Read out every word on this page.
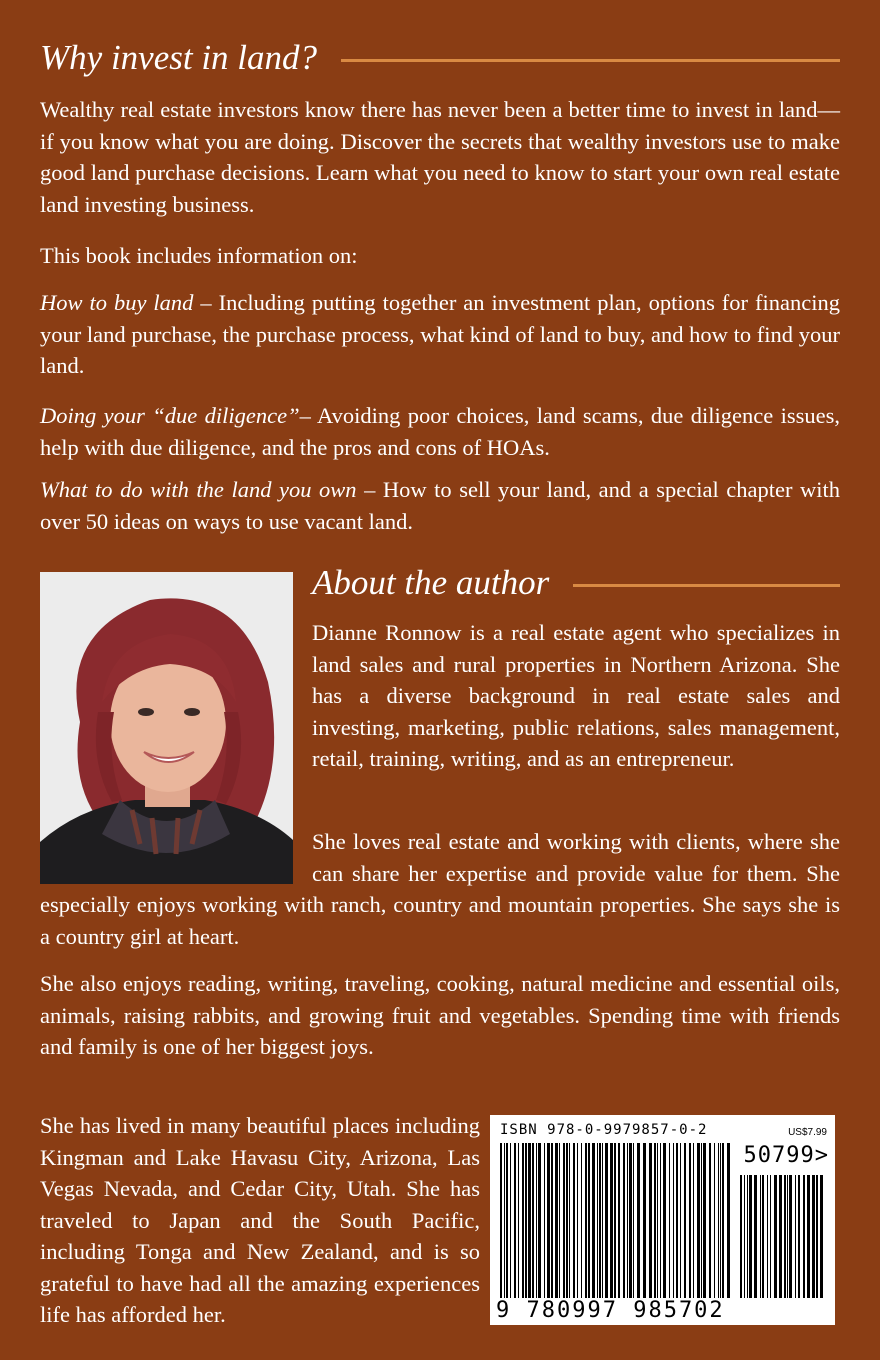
Why invest in land?

Wealthy real estate investors know there has never been a better time to invest in land—if you know what you are doing. Discover the secrets that wealthy investors use to make good land purchase decisions. Learn what you need to know to start your own real estate land investing business.

This book includes information on:

How to buy land – Including putting together an investment plan, options for financing your land purchase, the purchase process, what kind of land to buy, and how to find your land.

Doing your “due diligence”– Avoiding poor choices, land scams, due diligence issues, help with due diligence, and the pros and cons of HOAs.

What to do with the land you own – How to sell your land, and a special chapter with over 50 ideas on ways to use vacant land.

About the author

Dianne Ronnow is a real estate agent who specializes in land sales and rural properties in Northern Arizona. She has a diverse background in real estate sales and investing, marketing, public relations, sales management, retail, training, writing, and as an entrepreneur.

She loves real estate and working with clients, where she can share her expertise and provide value for them. She especially enjoys working with ranch, country and mountain properties. She says she is a country girl at heart.

She also enjoys reading, writing, traveling, cooking, natural medicine and essential oils, animals, raising rabbits, and growing fruit and vegetables. Spending time with friends and family is one of her biggest joys.

She has lived in many beautiful places including Kingman and Lake Havasu City, Arizona, Las Vegas Nevada, and Cedar City, Utah. She has traveled to Japan and the South Pacific, including Tonga and New Zealand, and is so grateful to have had all the amazing experiences life has afforded her.

ISBN 978-0-9979857-0-2	US$7.99
50799>
9 780997 985702
